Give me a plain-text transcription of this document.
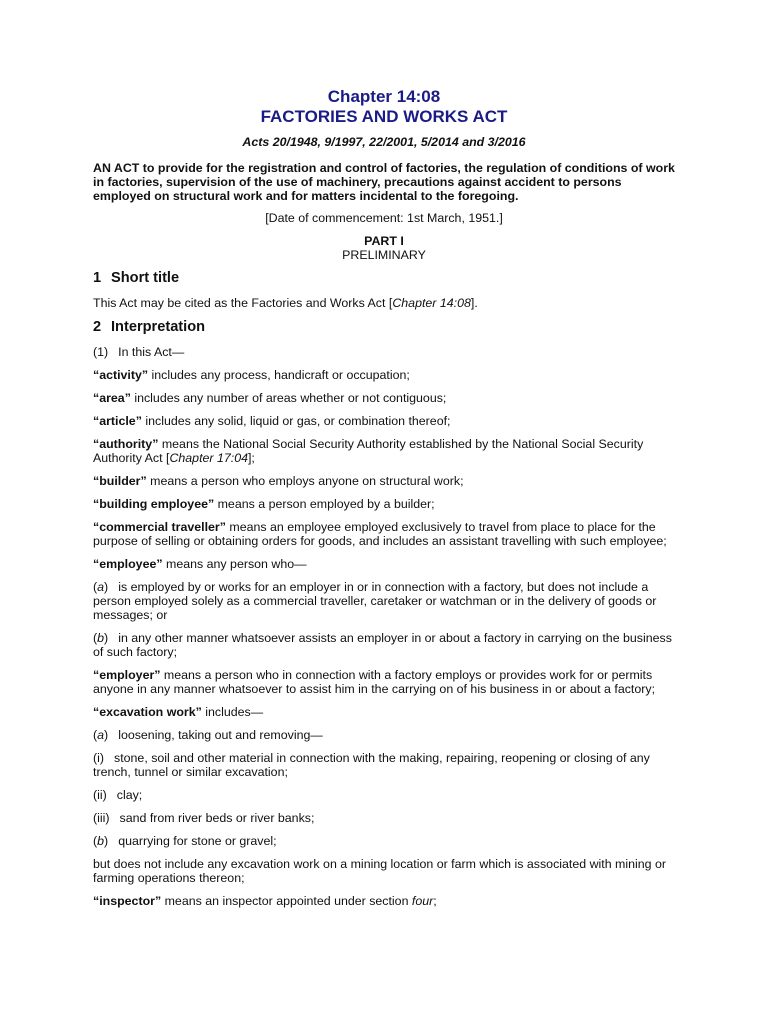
Chapter 14:08
FACTORIES AND WORKS ACT
Acts 20/1948, 9/1997, 22/2001, 5/2014 and 3/2016
AN ACT to provide for the registration and control of factories, the regulation of conditions of work in factories, supervision of the use of machinery, precautions against accident to persons employed on structural work and for matters incidental to the foregoing.
[Date of commencement: 1st March, 1951.]
PART I
PRELIMINARY
1 Short title

This Act may be cited as the Factories and Works Act [Chapter 14:08].

2 Interpretation

(1) In this Act—

“activity” includes any process, handicraft or occupation;

“area” includes any number of areas whether or not contiguous;

“article” includes any solid, liquid or gas, or combination thereof;

“authority” means the National Social Security Authority established by the National Social Security Authority Act [Chapter 17:04];

“builder” means a person who employs anyone on structural work;

“building employee” means a person employed by a builder;

“commercial traveller” means an employee employed exclusively to travel from place to place for the purpose of selling or obtaining orders for goods, and includes an assistant travelling with such employee;

“employee” means any person who—

(a) is employed by or works for an employer in or in connection with a factory, but does not include a person employed solely as a commercial traveller, caretaker or watchman or in the delivery of goods or messages; or

(b) in any other manner whatsoever assists an employer in or about a factory in carrying on the business of such factory;

“employer” means a person who in connection with a factory employs or provides work for or permits anyone in any manner whatsoever to assist him in the carrying on of his business in or about a factory;

“excavation work” includes—

(a) loosening, taking out and removing—

(i) stone, soil and other material in connection with the making, repairing, reopening or closing of any trench, tunnel or similar excavation;

(ii) clay;

(iii) sand from river beds or river banks;

(b) quarrying for stone or gravel;

but does not include any excavation work on a mining location or farm which is associated with mining or farming operations thereon;

“inspector” means an inspector appointed under section four;
